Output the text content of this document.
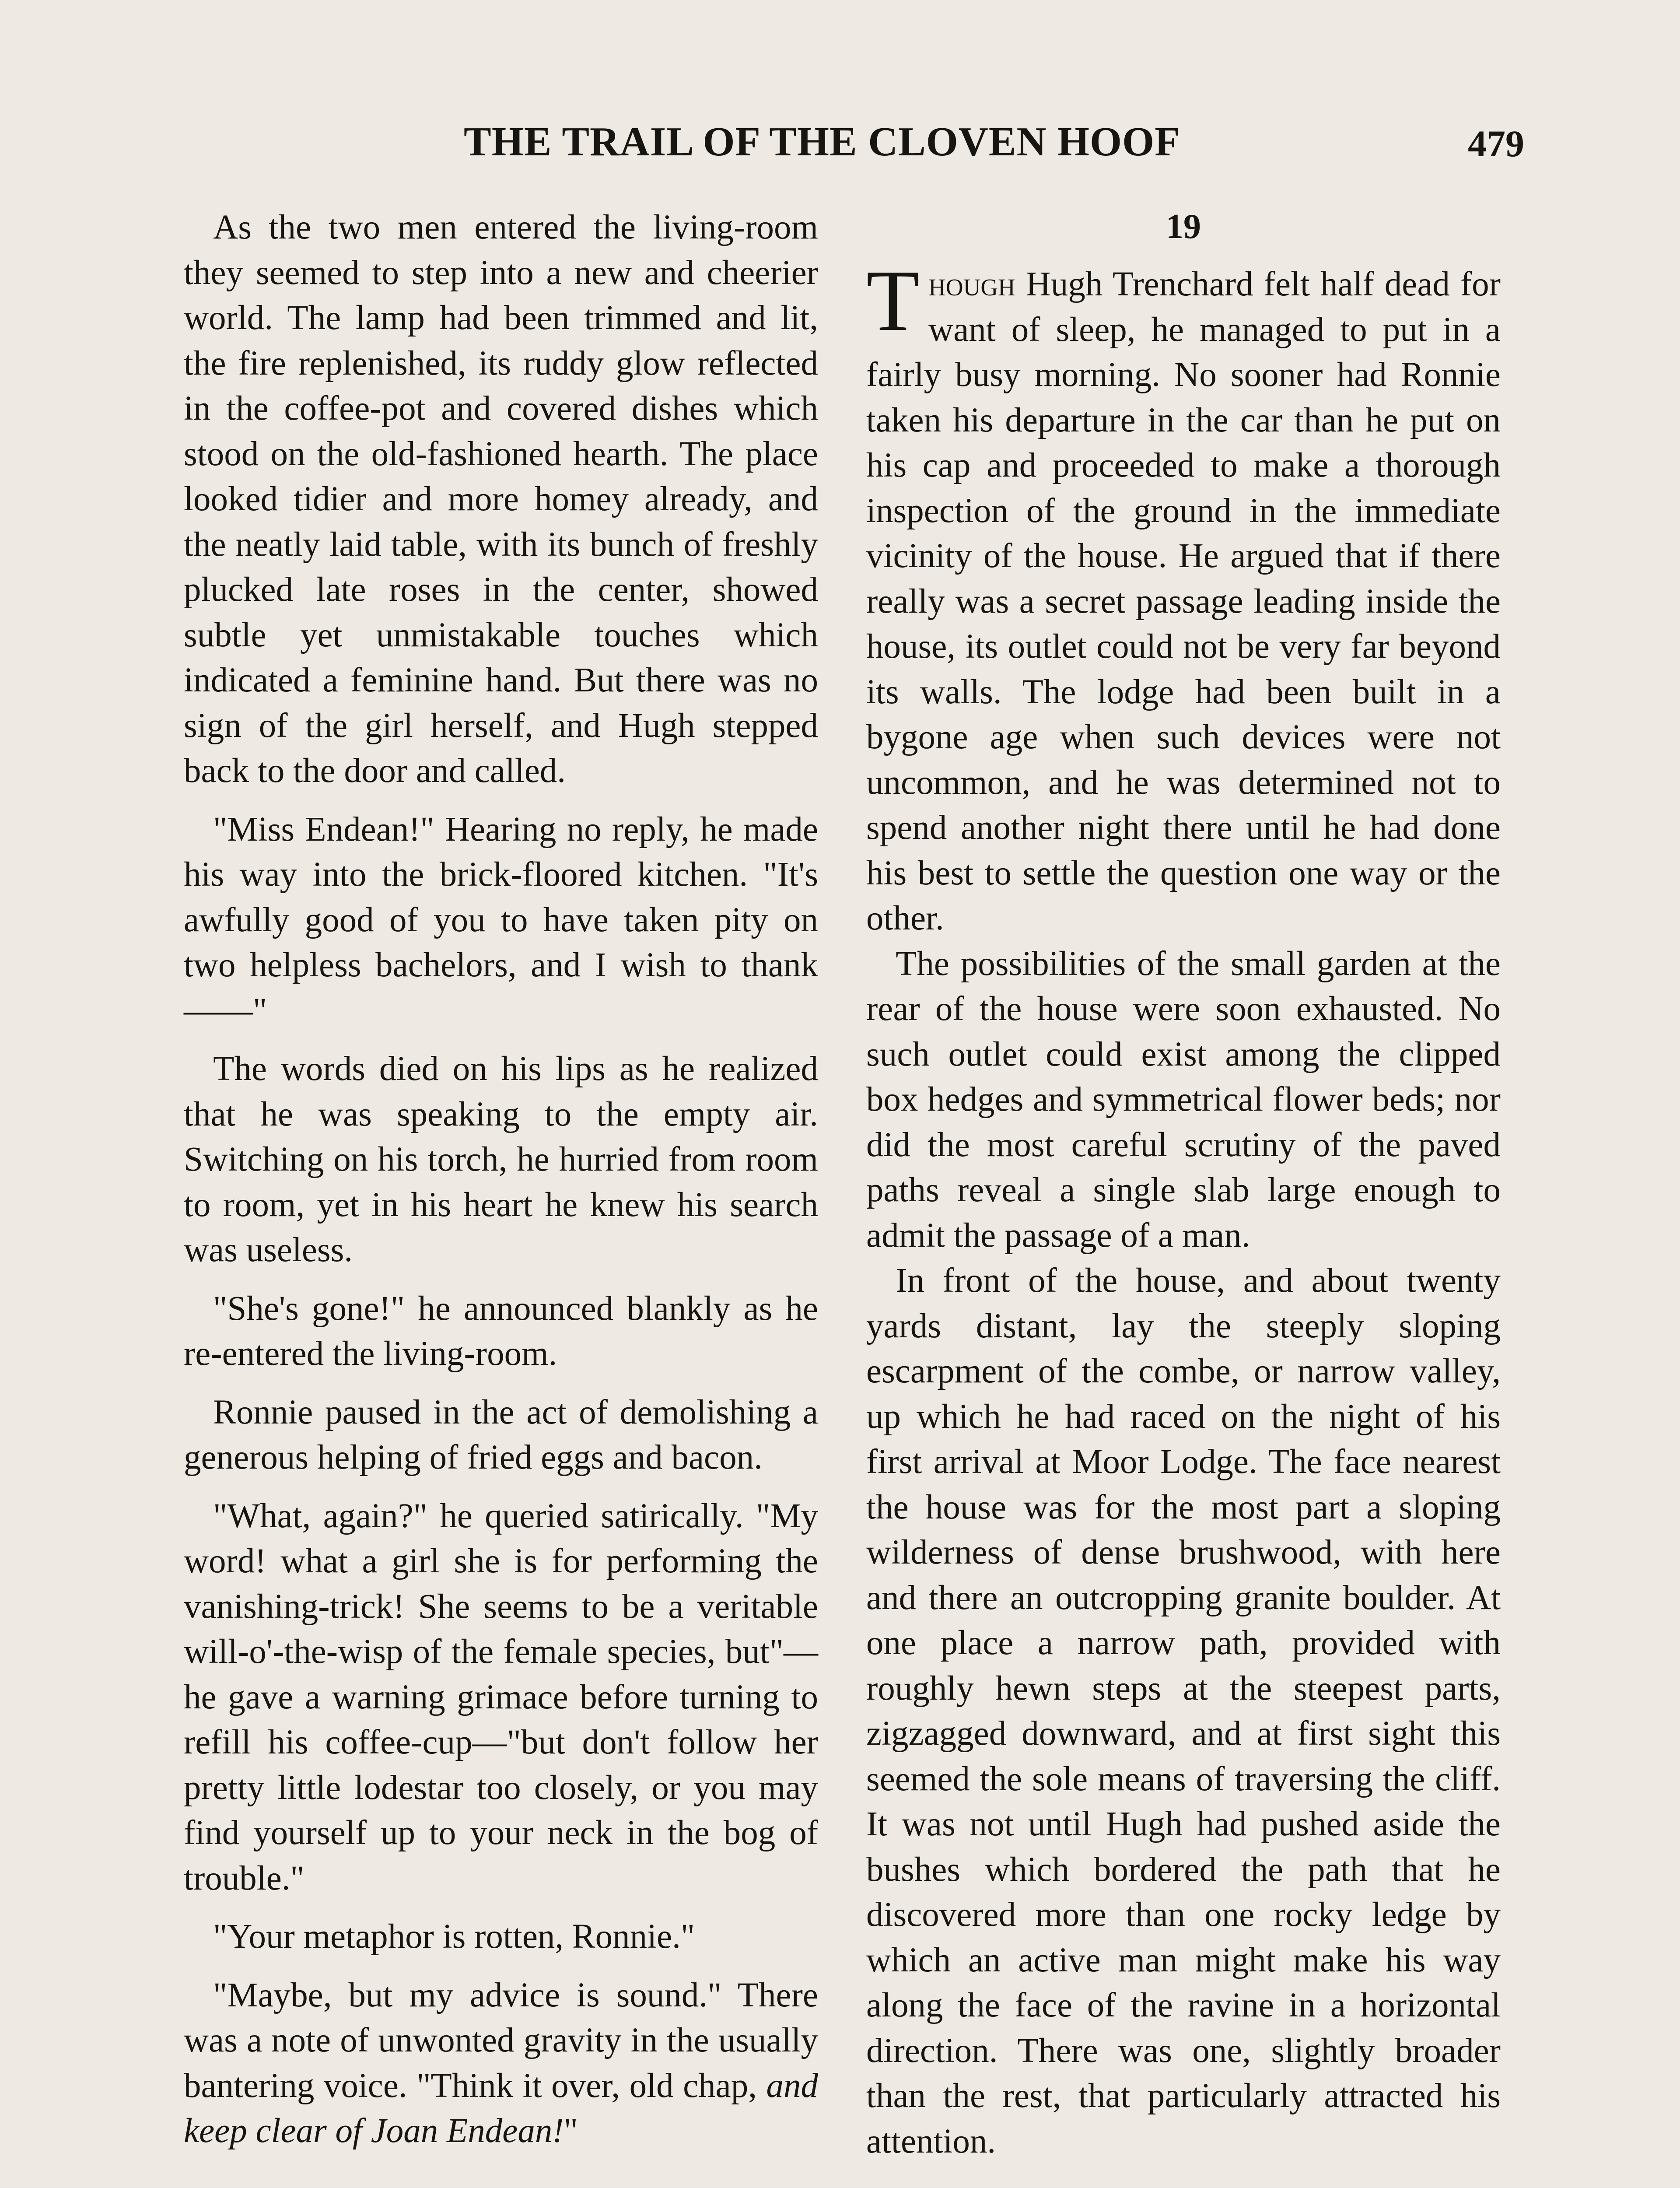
THE TRAIL OF THE CLOVEN HOOF	479

As the two men entered the living-room they seemed to step into a new and cheerier world. The lamp had been trimmed and lit, the fire replenished, its ruddy glow reflected in the coffee-pot and covered dishes which stood on the old-fashioned hearth. The place looked tidier and more homey already, and the neatly laid table, with its bunch of freshly plucked late roses in the center, showed subtle yet unmistakable touches which indicated a feminine hand. But there was no sign of the girl herself, and Hugh stepped back to the door and called.

"Miss Endean!" Hearing no reply, he made his way into the brick-floored kitchen. "It's awfully good of you to have taken pity on two helpless bachelors, and I wish to thank——"

The words died on his lips as he realized that he was speaking to the empty air. Switching on his torch, he hurried from room to room, yet in his heart he knew his search was useless.

"She's gone!" he announced blankly as he re-entered the living-room.

Ronnie paused in the act of demolishing a generous helping of fried eggs and bacon.

"What, again?" he queried satirically. "My word! what a girl she is for performing the vanishing-trick! She seems to be a veritable will-o'-the-wisp of the female species, but"—he gave a warning grimace before turning to refill his coffee-cup—"but don't follow her pretty little lodestar too closely, or you may find yourself up to your neck in the bog of trouble."

"Your metaphor is rotten, Ronnie."

"Maybe, but my advice is sound." There was a note of unwonted gravity in the usually bantering voice. "Think it over, old chap, and keep clear of Joan Endean!"

19

Though Hugh Trenchard felt half dead for want of sleep, he managed to put in a fairly busy morning. No sooner had Ronnie taken his departure in the car than he put on his cap and proceeded to make a thorough inspection of the ground in the immediate vicinity of the house. He argued that if there really was a secret passage leading inside the house, its outlet could not be very far beyond its walls. The lodge had been built in a bygone age when such devices were not uncommon, and he was determined not to spend another night there until he had done his best to settle the question one way or the other.

The possibilities of the small garden at the rear of the house were soon exhausted. No such outlet could exist among the clipped box hedges and symmetrical flower beds; nor did the most careful scrutiny of the paved paths reveal a single slab large enough to admit the passage of a man.

In front of the house, and about twenty yards distant, lay the steeply sloping escarpment of the combe, or narrow valley, up which he had raced on the night of his first arrival at Moor Lodge. The face nearest the house was for the most part a sloping wilderness of dense brushwood, with here and there an outcropping granite boulder. At one place a narrow path, provided with roughly hewn steps at the steepest parts, zigzagged downward, and at first sight this seemed the sole means of traversing the cliff. It was not until Hugh had pushed aside the bushes which bordered the path that he discovered more than one rocky ledge by which an active man might make his way along the face of the ravine in a horizontal direction. There was one, slightly broader than the rest, that particularly attracted his attention.
